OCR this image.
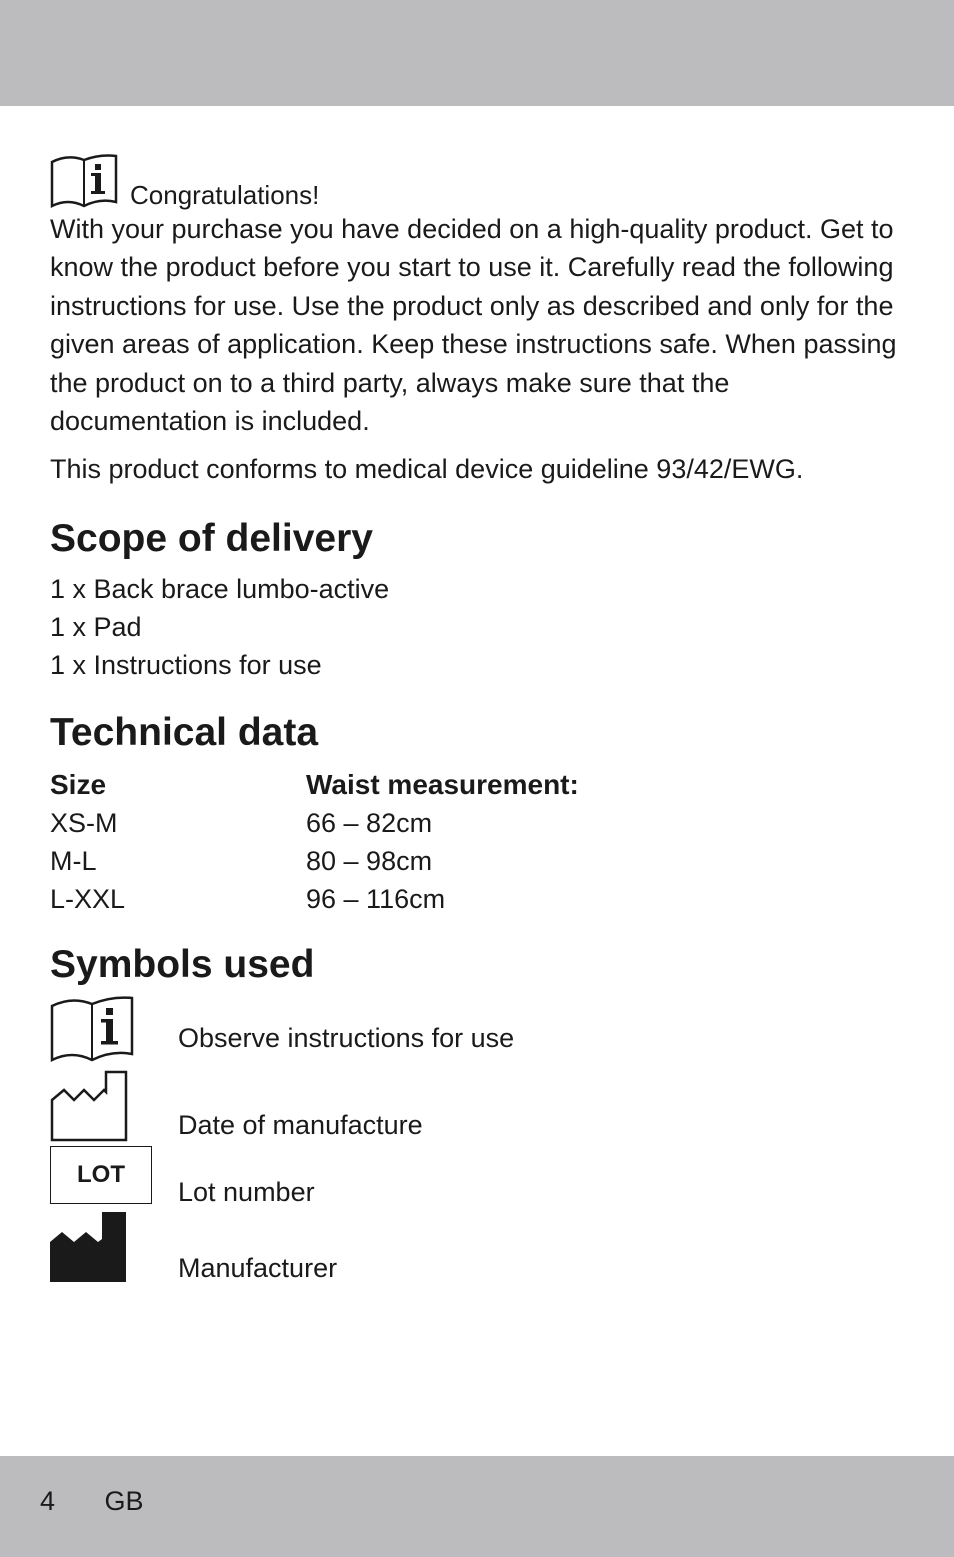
Congratulations!

With your purchase you have decided on a high-quality product. Get to know the product before you start to use it. Carefully read the following instructions for use. Use the product only as described and only for the given areas of application. Keep these instructions safe. When passing the product on to a third party, always make sure that the documentation is included.

This product conforms to medical device guideline 93/42/EWG.

Scope of delivery
1 x Back brace lumbo-active
1 x Pad
1 x Instructions for use
Technical data
Size	Waist measurement:
XS-M	66 – 82cm
M-L	80 – 98cm
L-XXL	96 – 116cm
Symbols used
Observe instructions for use
Date of manufacture
LOT
Lot number
Manufacturer
4 GB
